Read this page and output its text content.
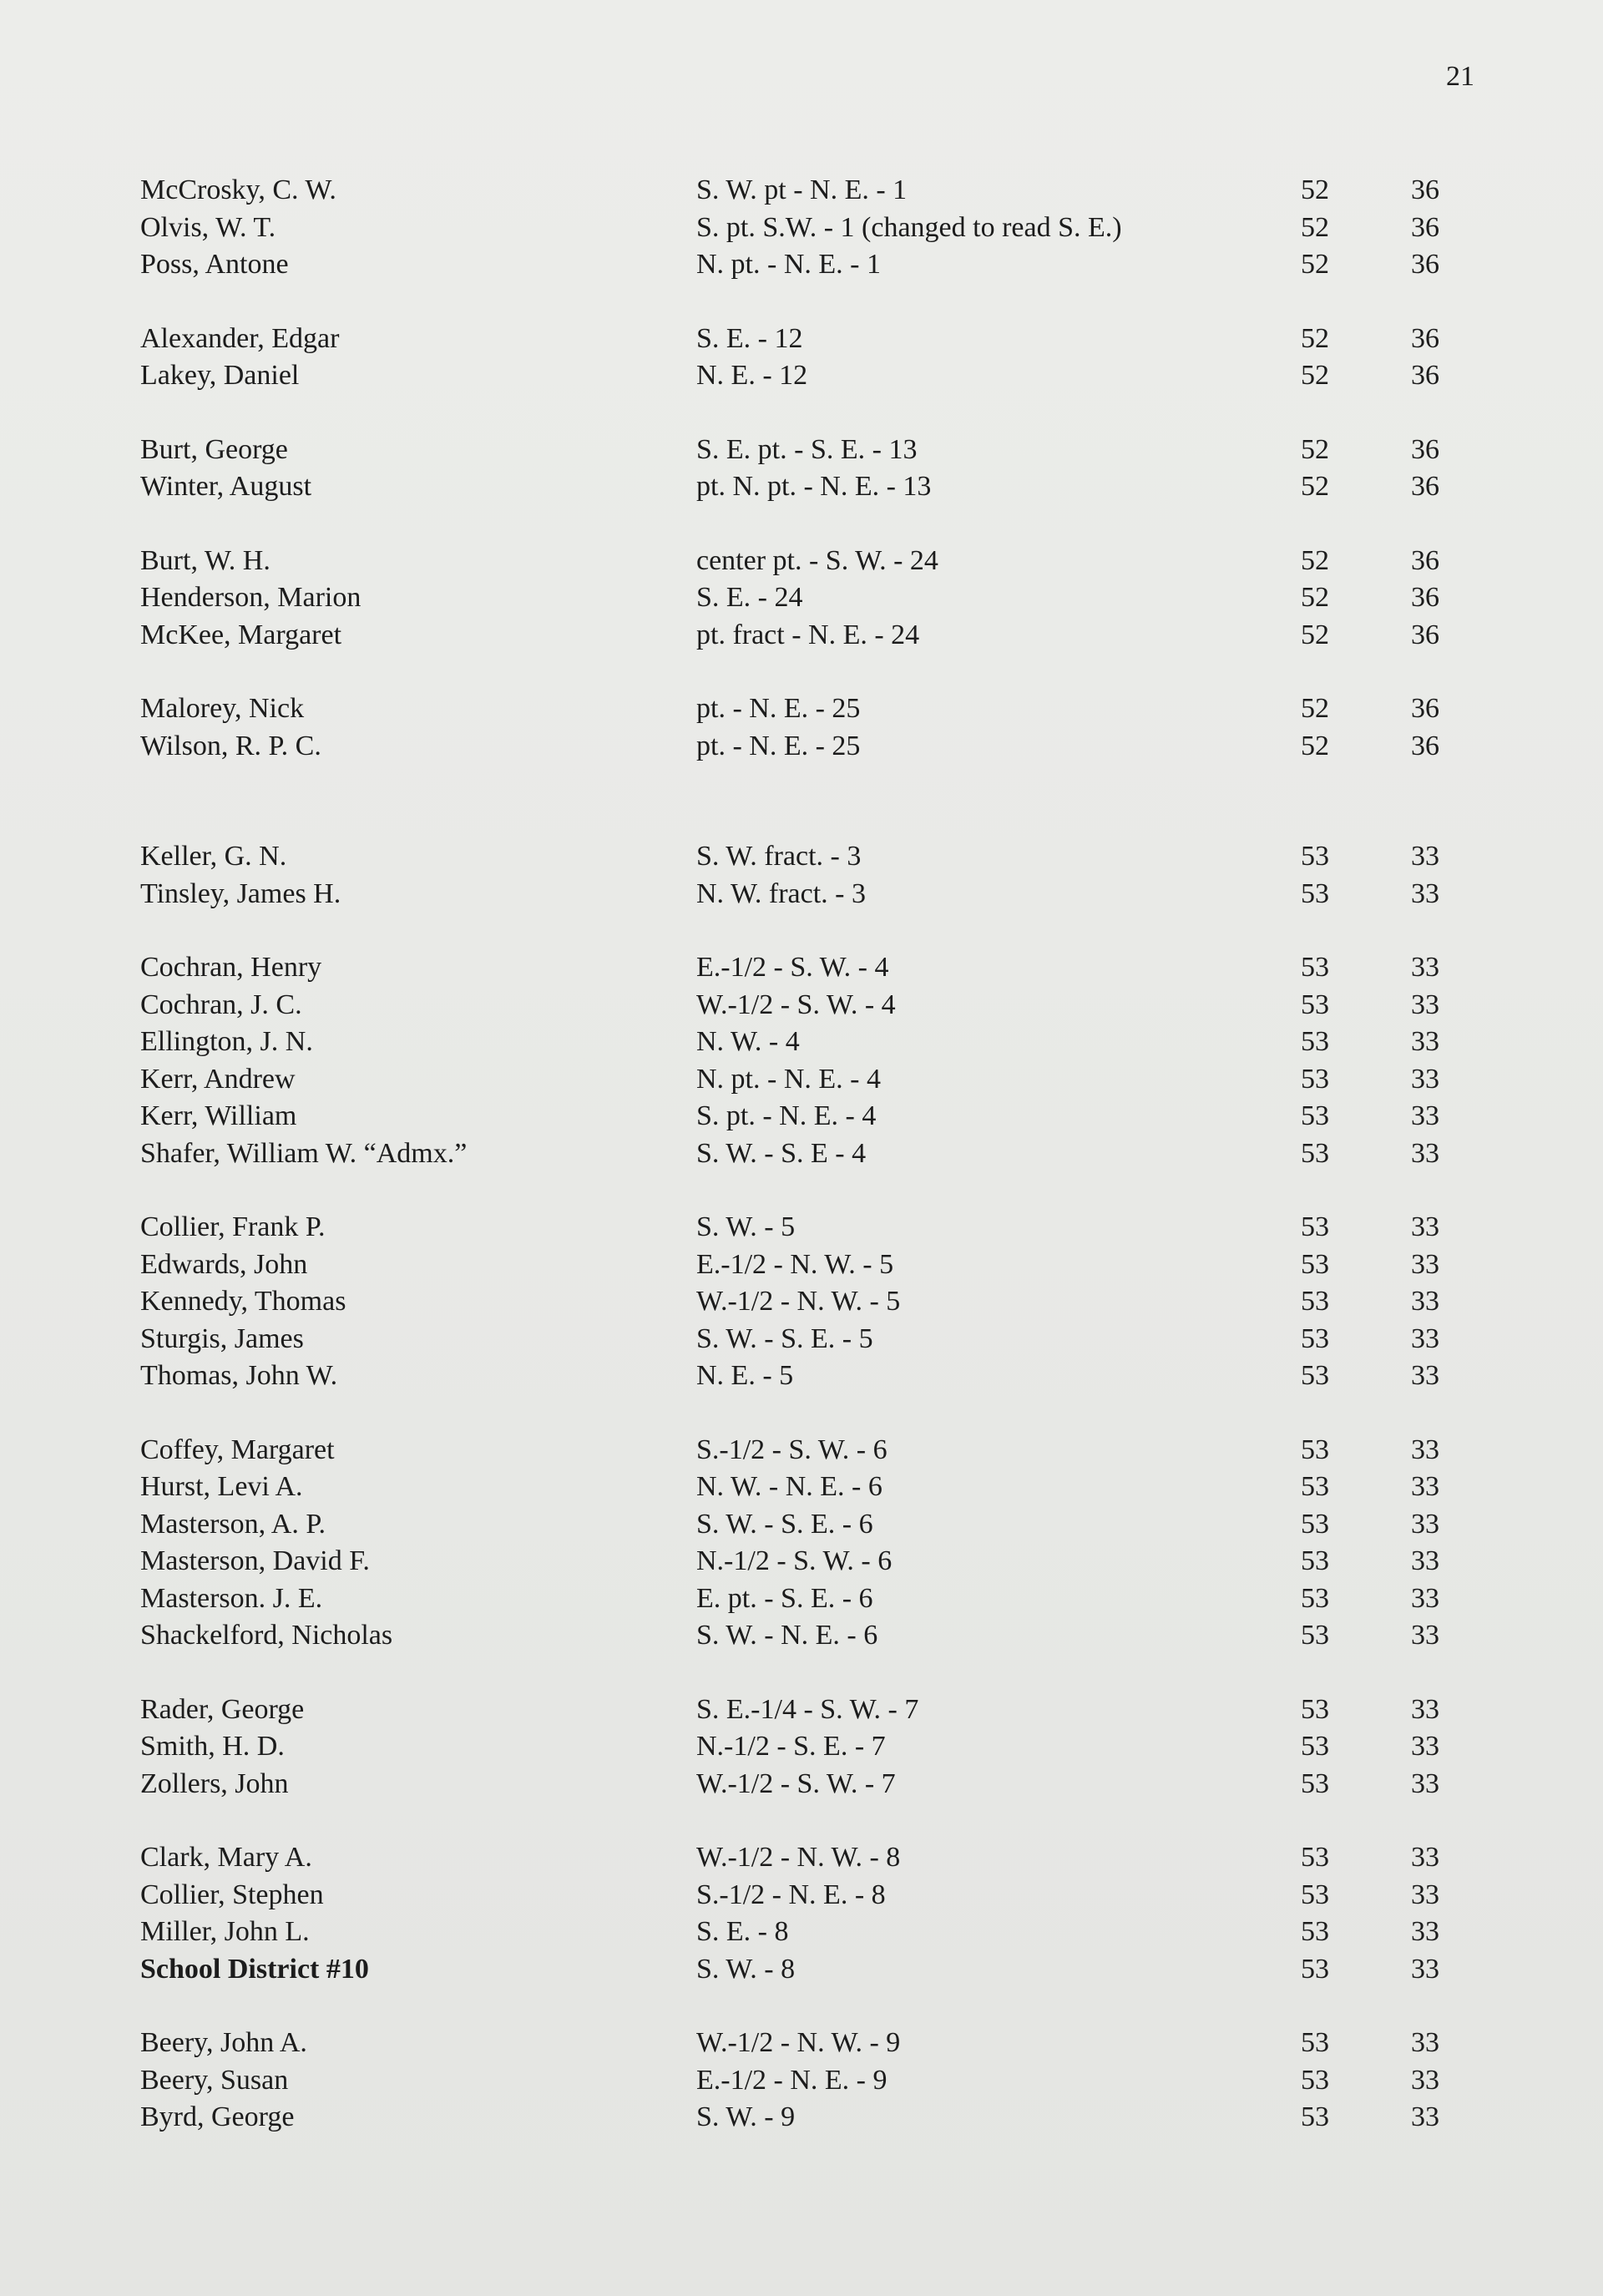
21
McCrosky, C. W.	S. W. pt - N. E. - 1	52	36
Olvis, W. T.	S. pt. S.W. - 1 (changed to read S. E.)	52	36
Poss, Antone	N. pt. - N. E. - 1	52	36
Alexander, Edgar	S. E. - 12	52	36
Lakey, Daniel	N. E. - 12	52	36
Burt, George	S. E. pt. - S. E. - 13	52	36
Winter, August	pt. N. pt. - N. E. - 13	52	36
Burt, W. H.	center pt. - S. W. - 24	52	36
Henderson, Marion	S. E. - 24	52	36
McKee, Margaret	pt. fract - N. E. - 24	52	36
Malorey, Nick	pt. - N. E. - 25	52	36
Wilson, R. P. C.	pt. - N. E. - 25	52	36
Keller, G. N.	S. W. fract. - 3	53	33
Tinsley, James H.	N. W. fract. - 3	53	33
Cochran, Henry	E.-1/2 - S. W. - 4	53	33
Cochran, J. C.	W.-1/2 - S. W. - 4	53	33
Ellington, J. N.	N. W. - 4	53	33
Kerr, Andrew	N. pt. - N. E. - 4	53	33
Kerr, William	S. pt. - N. E. - 4	53	33
Shafer, William W. “Admx.”	S. W. - S. E - 4	53	33
Collier, Frank P.	S. W. - 5	53	33
Edwards, John	E.-1/2 - N. W. - 5	53	33
Kennedy, Thomas	W.-1/2 - N. W. - 5	53	33
Sturgis, James	S. W. - S. E. - 5	53	33
Thomas, John W.	N. E. - 5	53	33
Coffey, Margaret	S.-1/2 - S. W. - 6	53	33
Hurst, Levi A.	N. W. - N. E. - 6	53	33
Masterson, A. P.	S. W. - S. E. - 6	53	33
Masterson, David F.	N.-1/2 - S. W. - 6	53	33
Masterson. J. E.	E. pt. - S. E. - 6	53	33
Shackelford, Nicholas	S. W. - N. E. - 6	53	33
Rader, George	S. E.-1/4 - S. W. - 7	53	33
Smith, H. D.	N.-1/2 - S. E. - 7	53	33
Zollers, John	W.-1/2 - S. W. - 7	53	33
Clark, Mary A.	W.-1/2 - N. W. - 8	53	33
Collier, Stephen	S.-1/2 - N. E. - 8	53	33
Miller, John L.	S. E. - 8	53	33
School District #10	S. W. - 8	53	33
Beery, John A.	W.-1/2 - N. W. - 9	53	33
Beery, Susan	E.-1/2 - N. E. - 9	53	33
Byrd, George	S. W. - 9	53	33
